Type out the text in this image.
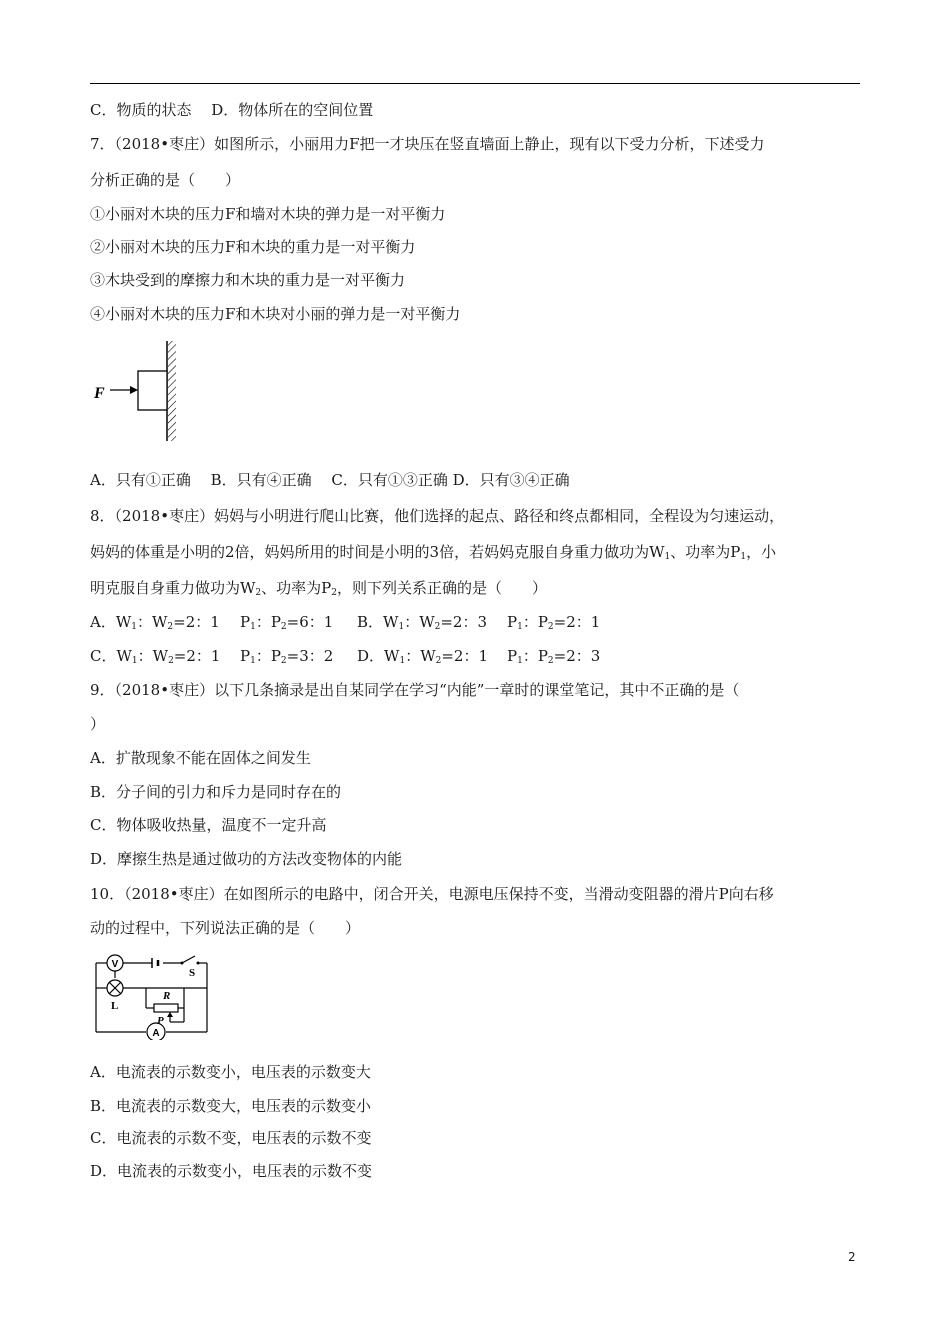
C．物质的状态　 D．物体所在的空间位置
7．（2018•枣庄）如图所示，小丽用力F把一才块压在竖直墙面上静止，现有以下受力分析，下述受力
分析正确的是（　　）
①小丽对木块的压力F和墙对木块的弹力是一对平衡力
②小丽对木块的压力F和木块的重力是一对平衡力
③木块受到的摩擦力和木块的重力是一对平衡力
④小丽对木块的压力F和木块对小丽的弹力是一对平衡力
F
A．只有①正确　 B．只有④正确　 C．只有①③正确 D．只有③④正确
8．（2018•枣庄）妈妈与小明进行爬山比赛，他们选择的起点、路径和终点都相同，全程设为匀速运动，
妈妈的体重是小明的2倍，妈妈所用的时间是小明的3倍，若妈妈克服自身重力做功为$W_1$、功率为$P_1$，小
明克服自身重力做功为$W_2$、功率为$P_2$，则下列关系正确的是（　　）
A．$W_1$：$W_2=2$：1 $P_1$：$P_2=6$：1 B．$W_1$：$W_2=2$：3 $P_1$：$P_2=2$：1
C．$W_1$：$W_2=2$：1 $P_1$：$P_2=3$：2 D．$W_1$：$W_2=2$：1 $P_1$：$P_2=2$：3
9．（2018•枣庄）以下几条摘录是出自某同学在学习“内能”一章时的课堂笔记，其中不正确的是（
）
A．扩散现象不能在固体之间发生
B．分子间的引力和斥力是同时存在的
C．物体吸收热量，温度不一定升高
D．摩擦生热是通过做功的方法改变物体的内能
10．（2018•枣庄）在如图所示的电路中，闭合开关，电源电压保持不变，当滑动变阻器的滑片P向右移
动的过程中，下列说法正确的是（　　）
V
A
S
R
L
P
A．电流表的示数变小，电压表的示数变大
B．电流表的示数变大，电压表的示数变小
C．电流表的示数不变，电压表的示数不变
D．电流表的示数变小，电压表的示数不变
2
